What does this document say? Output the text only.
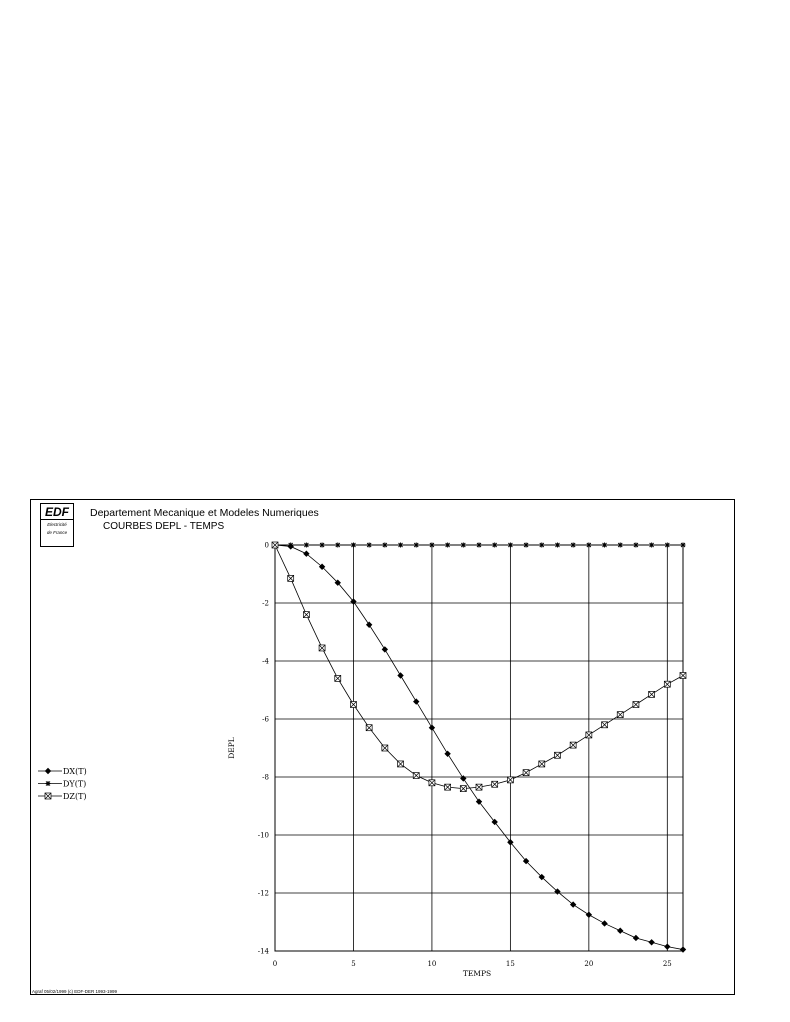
EDF
Electricité
de France
Departement Mecanique et Modeles Numeriques
COURBES DEPL - TEMPS
Agraf 05/02/1999 (c) EDF-DER 1993-1999
0	5	10	15	20	25
0
-2
-4
-6
-8
-10
-12
-14
TEMPS
DEPL
DX(T)
DY(T)
DZ(T)
